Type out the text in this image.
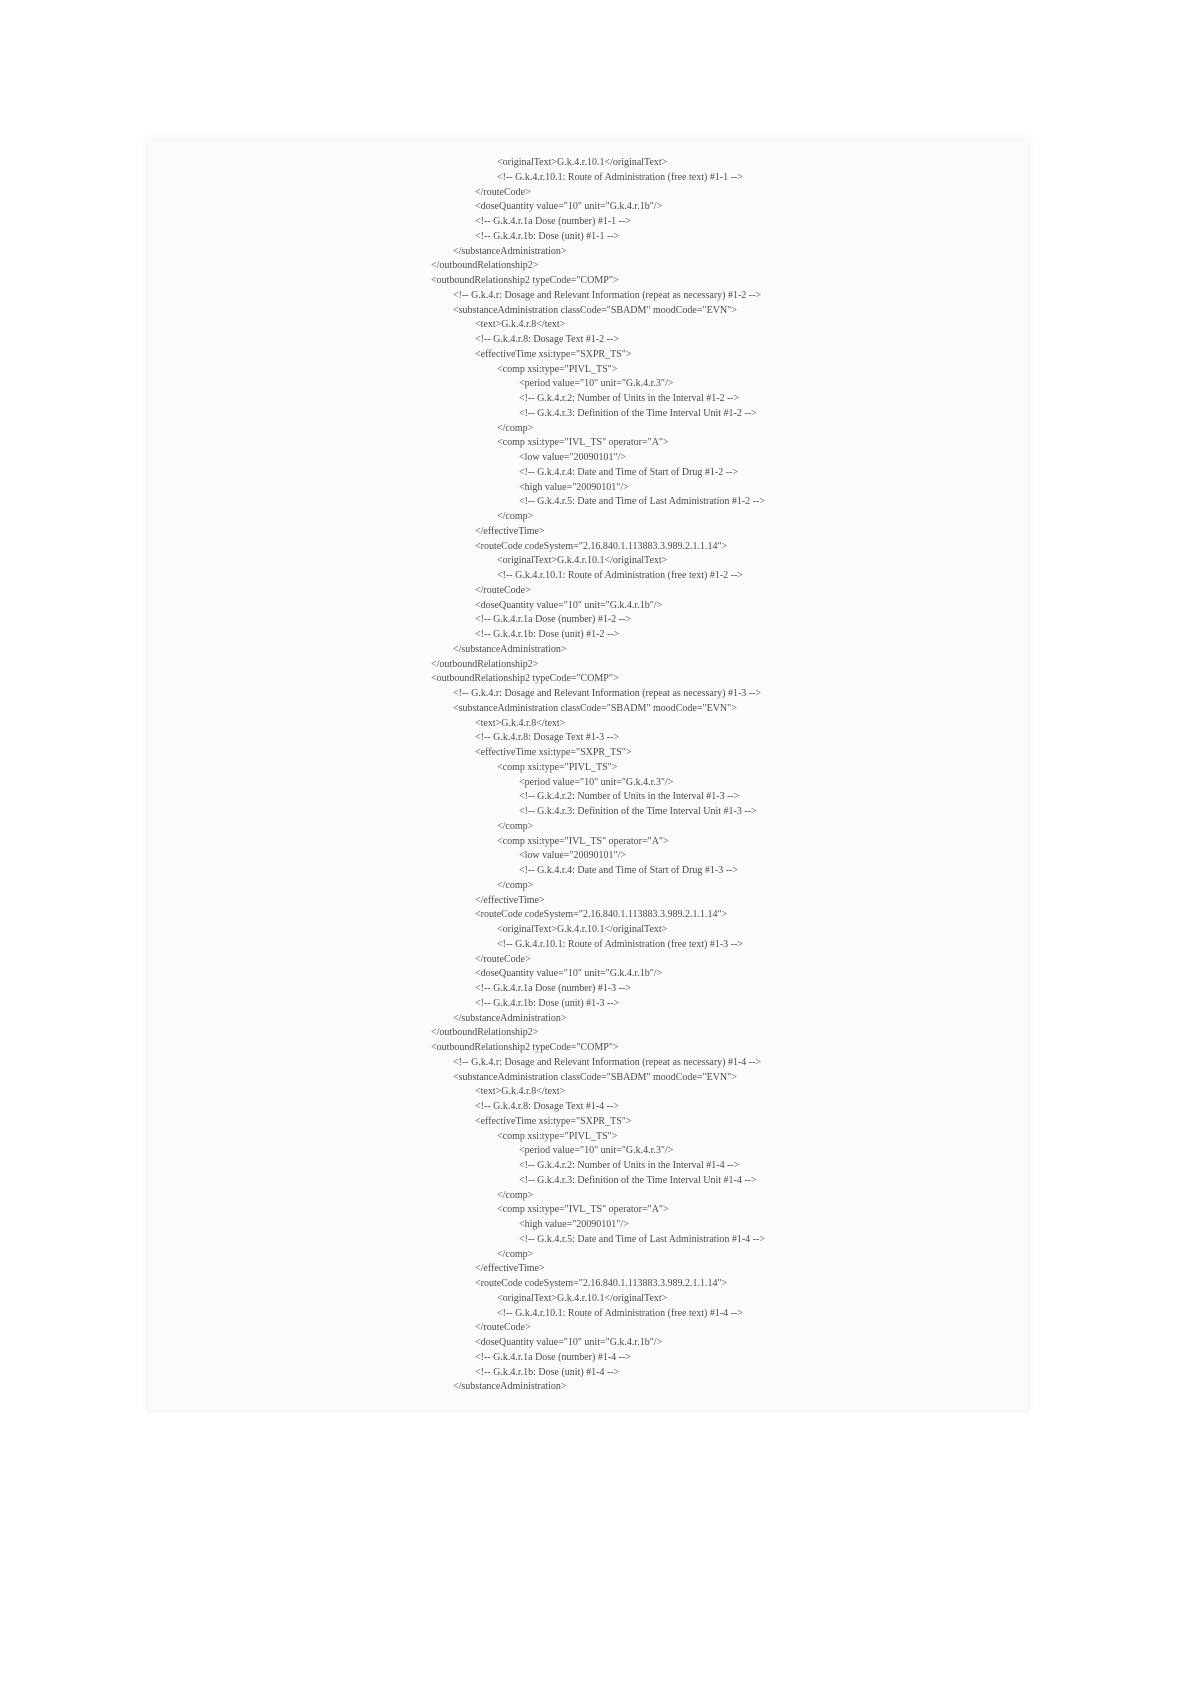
<originalText>G.k.4.r.10.1</originalText>
<!-- G.k.4.r.10.1: Route of Administration (free text) #1-1 -->
</routeCode>
<doseQuantity value="10" unit="G.k.4.r.1b"/>
<!-- G.k.4.r.1a Dose (number) #1-1 -->
<!-- G.k.4.r.1b: Dose (unit) #1-1 -->
</substanceAdministration>
</outboundRelationship2>
<outboundRelationship2 typeCode="COMP">
<!-- G.k.4.r: Dosage and Relevant Information (repeat as necessary) #1-2 -->
<substanceAdministration classCode="SBADM" moodCode="EVN">
<text>G.k.4.r.8</text>
<!-- G.k.4.r.8: Dosage Text #1-2 -->
<effectiveTime xsi:type="SXPR_TS">
<comp xsi:type="PIVL_TS">
<period value="10" unit="G.k.4.r.3"/>
<!-- G.k.4.r.2: Number of Units in the Interval #1-2 -->
<!-- G.k.4.r.3: Definition of the Time Interval Unit #1-2 -->
</comp>
<comp xsi:type="IVL_TS" operator="A">
<low value="20090101"/>
<!-- G.k.4.r.4: Date and Time of Start of Drug #1-2 -->
<high value="20090101"/>
<!-- G.k.4.r.5: Date and Time of Last Administration #1-2 -->
</comp>
</effectiveTime>
<routeCode codeSystem="2.16.840.1.113883.3.989.2.1.1.14">
<originalText>G.k.4.r.10.1</originalText>
<!-- G.k.4.r.10.1: Route of Administration (free text) #1-2 -->
</routeCode>
<doseQuantity value="10" unit="G.k.4.r.1b"/>
<!-- G.k.4.r.1a Dose (number) #1-2 -->
<!-- G.k.4.r.1b: Dose (unit) #1-2 -->
</substanceAdministration>
</outboundRelationship2>
<outboundRelationship2 typeCode="COMP">
<!-- G.k.4.r: Dosage and Relevant Information (repeat as necessary) #1-3 -->
<substanceAdministration classCode="SBADM" moodCode="EVN">
<text>G.k.4.r.8</text>
<!-- G.k.4.r.8: Dosage Text #1-3 -->
<effectiveTime xsi:type="SXPR_TS">
<comp xsi:type="PIVL_TS">
<period value="10" unit="G.k.4.r.3"/>
<!-- G.k.4.r.2: Number of Units in the Interval #1-3 -->
<!-- G.k.4.r.3: Definition of the Time Interval Unit #1-3 -->
</comp>
<comp xsi:type="IVL_TS" operator="A">
<low value="20090101"/>
<!-- G.k.4.r.4: Date and Time of Start of Drug #1-3 -->
</comp>
</effectiveTime>
<routeCode codeSystem="2.16.840.1.113883.3.989.2.1.1.14">
<originalText>G.k.4.r.10.1</originalText>
<!-- G.k.4.r.10.1: Route of Administration (free text) #1-3 -->
</routeCode>
<doseQuantity value="10" unit="G.k.4.r.1b"/>
<!-- G.k.4.r.1a Dose (number) #1-3 -->
<!-- G.k.4.r.1b: Dose (unit) #1-3 -->
</substanceAdministration>
</outboundRelationship2>
<outboundRelationship2 typeCode="COMP">
<!-- G.k.4.r: Dosage and Relevant Information (repeat as necessary) #1-4 -->
<substanceAdministration classCode="SBADM" moodCode="EVN">
<text>G.k.4.r.8</text>
<!-- G.k.4.r.8: Dosage Text #1-4 -->
<effectiveTime xsi:type="SXPR_TS">
<comp xsi:type="PIVL_TS">
<period value="10" unit="G.k.4.r.3"/>
<!-- G.k.4.r.2: Number of Units in the Interval #1-4 -->
<!-- G.k.4.r.3: Definition of the Time Interval Unit #1-4 -->
</comp>
<comp xsi:type="IVL_TS" operator="A">
<high value="20090101"/>
<!-- G.k.4.r.5: Date and Time of Last Administration #1-4 -->
</comp>
</effectiveTime>
<routeCode codeSystem="2.16.840.1.113883.3.989.2.1.1.14">
<originalText>G.k.4.r.10.1</originalText>
<!-- G.k.4.r.10.1: Route of Administration (free text) #1-4 -->
</routeCode>
<doseQuantity value="10" unit="G.k.4.r.1b"/>
<!-- G.k.4.r.1a Dose (number) #1-4 -->
<!-- G.k.4.r.1b: Dose (unit) #1-4 -->
</substanceAdministration>
